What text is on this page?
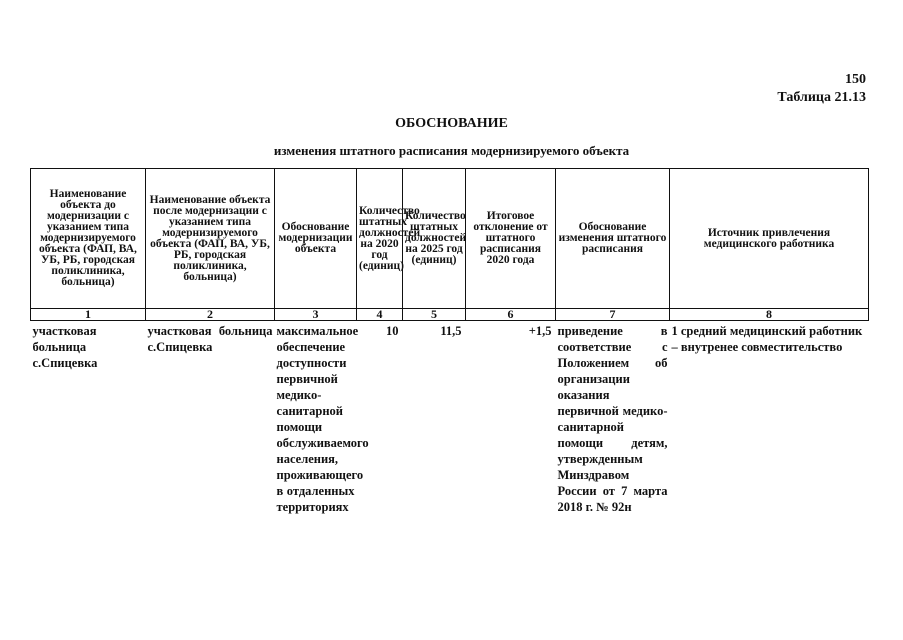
150
Таблица 21.13
ОБОСНОВАНИЕ
изменения штатного расписания модернизируемого объекта
Наименование объекта до модернизации с указанием типа модернизируемого объекта (ФАП, ВА, УБ, РБ, городская поликлиника, больница)	Наименование объекта после модернизации с указанием типа модернизируемого объекта (ФАП, ВА, УБ, РБ, городская поликлиника, больница)	Обоснование модернизации объекта	Количество штатных должностей на 2020 год (единиц)	Количество штатных должностей на 2025 год (единиц)	Итоговое отклонение от штатного расписания 2020 года	Обоснование изменения штатного расписания	Источник привлечения медицинского работника
1	2	3	4	5	6	7	8
участковая больница с.Спицевка	участковая больница с.Спицевка	максимальное обеспечение доступности первичной медико-санитарной помощи обслуживаемого населения, проживающего в отдаленных территориях	10	11,5	+1,5	приведение в соответствие с Положением об организации оказания первичной медико-санитарной помощи детям, утвержденным Минздравом России от 7 марта 2018 г. № 92н	1 средний медицинский работник – внутренее совместительство
